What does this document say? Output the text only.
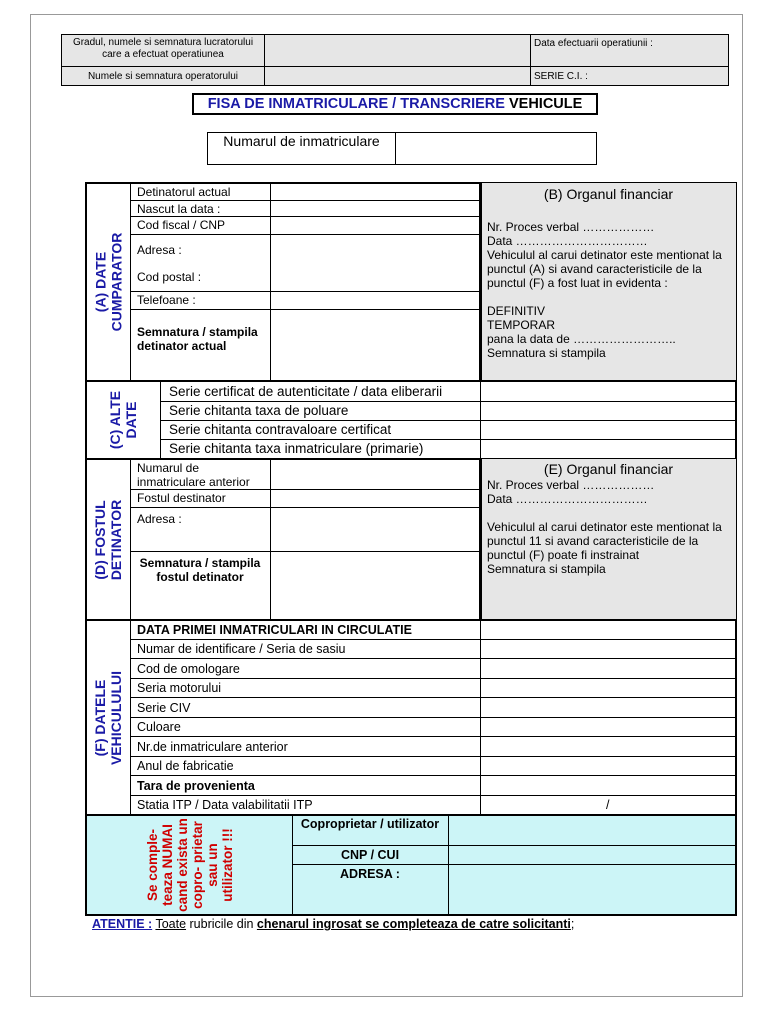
Gradul, numele si semnatura lucratorului care a efectuat operatiunea
Data efectuarii operatiunii :
Numele si semnatura operatorului	SERIE C.I. :
FISA DE INMATRICULARE / TRANSCRIERE VEHICULE
Numarul de inmatriculare
(A) DATE CUMPARATOR
Detinatorul actual
Nascut la data :
Cod fiscal / CNP
Adresa :
Cod postal :
Telefoane :
Semnatura / stampila detinator actual
(B) Organul financiar
Nr. Proces verbal ………………
Data ……………………………
Vehiculul al carui detinator este mentionat la punctul (A) si avand caracteristicile de la punctul (F) a fost luat in evidenta :
DEFINITIV
TEMPORAR
pana la data de ……………………..
Semnatura si stampila
(C) ALTE DATE
Serie certificat de autenticitate / data eliberarii
Serie chitanta taxa de poluare
Serie chitanta contravaloare certificat
Serie chitanta taxa inmatriculare (primarie)
(D) FOSTUL DETINATOR
Numarul de inmatriculare anterior
Fostul destinator
Adresa :
Semnatura / stampila fostul detinator
(E) Organul financiar
Nr. Proces verbal ………………
Data ……………………………
Vehiculul al carui detinator este mentionat la punctul 11 si avand caracteristicile de la punctul (F) poate fi instrainat
Semnatura si stampila
(F) DATELE VEHICULULUI
DATA PRIMEI INMATRICULARI IN CIRCULATIE
Numar de identificare / Seria de sasiu
Cod de omologare
Seria motorului
Serie CIV
Culoare
Nr.de inmatriculare anterior
Anul de fabricatie
Tara de provenienta
Statia ITP / Data valabilitatii ITP	/
Se comple- teaza NUMAI cand exista un copro- prietar sau un utilizator !!!
Coproprietar / utilizator
CNP / CUI
ADRESA :
ATENTIE : Toate rubricile din chenarul ingrosat se completeaza de catre solicitanti;
